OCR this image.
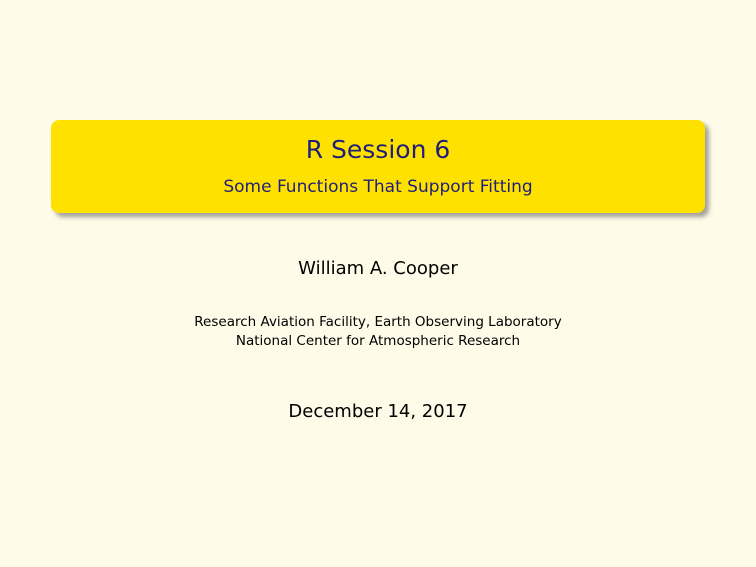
R Session 6
Some Functions That Support Fitting
William A. Cooper
Research Aviation Facility, Earth Observing Laboratory
National Center for Atmospheric Research
December 14, 2017
